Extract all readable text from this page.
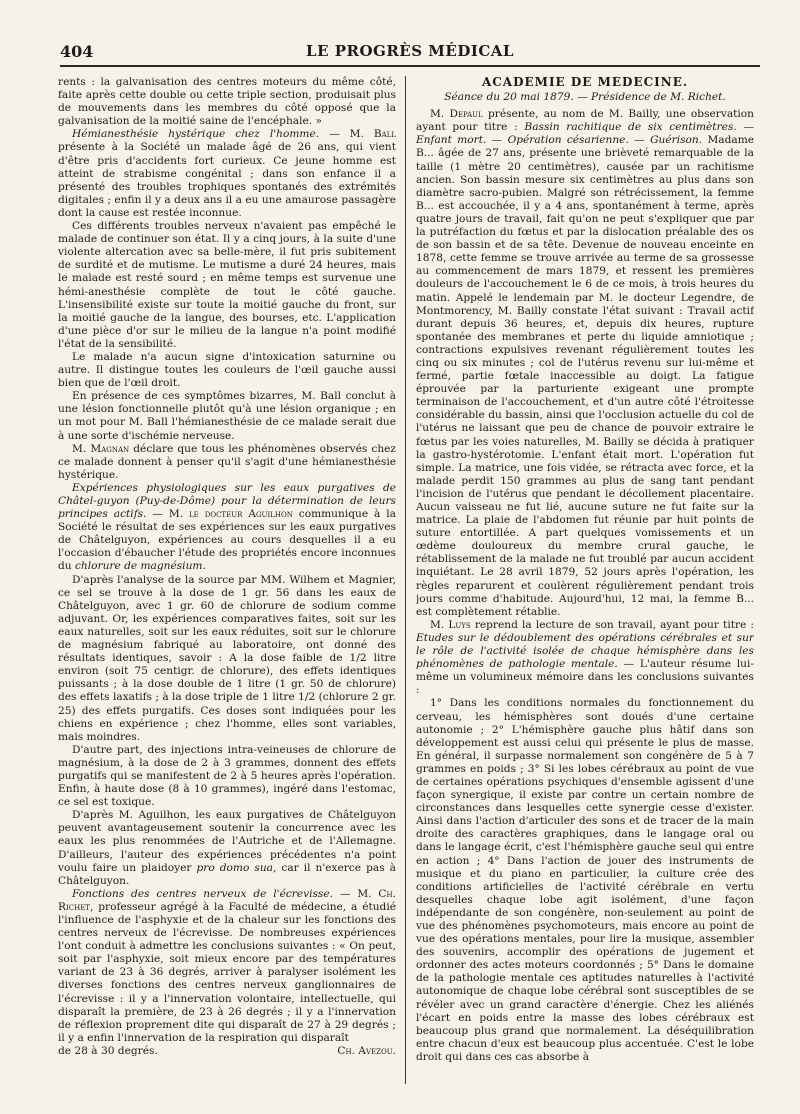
404	LE PROGRÈS MÉDICAL

rents : la galvanisation des centres moteurs du même côté, faite après cette double ou cette triple section, produisait plus de mouvements dans les membres du côté opposé que la galvanisation de la moitié saine de l'encéphale. »

Hémianesthésie hystérique chez l'homme. — M. Ball présente à la Société un malade âgé de 26 ans, qui vient d'être pris d'accidents fort curieux. Ce jeune homme est atteint de strabisme congénital ; dans son enfance il a présenté des troubles trophiques spontanés des extrémités digitales ; enfin il y a deux ans il a eu une amaurose passagère dont la cause est restée inconnue.

Ces différents troubles nerveux n'avaient pas empêché le malade de continuer son état. Il y a cinq jours, à la suite d'une violente altercation avec sa belle-mère, il fut pris subitement de surdité et de mutisme. Le mutisme a duré 24 heures, mais le malade est resté sourd ; en même temps est survenue une hémi-anesthésie complète de tout le côté gauche. L'insensibilité existe sur toute la moitié gauche du front, sur la moitié gauche de la langue, des bourses, etc. L'application d'une pièce d'or sur le milieu de la langue n'a point modifié l'état de la sensibilité.

Le malade n'a aucun signe d'intoxication saturnine ou autre. Il distingue toutes les couleurs de l'œil gauche aussi bien que de l'œil droit.

En présence de ces symptômes bizarres, M. Ball conclut à une lésion fonctionnelle plutôt qu'à une lésion organique ; en un mot pour M. Ball l'hémianesthésie de ce malade serait due à une sorte d'ischémie nerveuse.

M. Magnan déclare que tous les phénomènes observés chez ce malade donnent à penser qu'il s'agit d'une hémianesthésie hystérique.

Expériences physiologiques sur les eaux purgatives de Châtel-guyon (Puy-de-Dôme) pour la détermination de leurs principes actifs. — M. le docteur Aguilhon communique à la Société le résultat de ses expériences sur les eaux purgatives de Châtelguyon, expériences au cours desquelles il a eu l'occasion d'ébaucher l'étude des propriétés encore inconnues du chlorure de magnésium.

D'après l'analyse de la source par MM. Wilhem et Magnier, ce sel se trouve à la dose de 1 gr. 56 dans les eaux de Châtelguyon, avec 1 gr. 60 de chlorure de sodium comme adjuvant. Or, les expériences comparatives faites, soit sur les eaux naturelles, soit sur les eaux réduites, soit sur le chlorure de magnésium fabriqué au laboratoire, ont donné des résultats identiques, savoir : A la dose faible de 1/2 litre environ (soit 75 centigr. de chlorure), des effets identiques puissants ; à la dose double de 1 litre (1 gr. 50 de chlorure) des effets laxatifs ; à la dose triple de 1 litre 1/2 (chlorure 2 gr. 25) des effets purgatifs. Ces doses sont indiquées pour les chiens en expérience ; chez l'homme, elles sont variables, mais moindres.

D'autre part, des injections intra-veineuses de chlorure de magnésium, à la dose de 2 à 3 grammes, donnent des effets purgatifs qui se manifestent de 2 à 5 heures après l'opération. Enfin, à haute dose (8 à 10 grammes), ingéré dans l'estomac, ce sel est toxique.

D'après M. Aguilhon, les eaux purgatives de Châtelguyon peuvent avantageusement soutenir la concurrence avec les eaux les plus renommées de l'Autriche et de l'Allemagne. D'ailleurs, l'auteur des expériences précédentes n'a point voulu faire un plaidoyer pro domo sua, car il n'exerce pas à Châtelguyon.

Fonctions des centres nerveux de l'écrevisse. — M. Ch. Richet, professeur agrégé à la Faculté de médecine, a étudié l'influence de l'asphyxie et de la chaleur sur les fonctions des centres nerveux de l'écrevisse. De nombreuses expériences l'ont conduit à admettre les conclusions suivantes : « On peut, soit par l'asphyxie, soit mieux encore par des températures variant de 23 à 36 degrés, arriver à paralyser isolément les diverses fonctions des centres nerveux ganglionnaires de l'écrevisse : il y a l'innervation volontaire, intellectuelle, qui disparaît la première, de 23 à 26 degrés ; il y a l'innervation de réflexion proprement dite qui disparaît de 27 à 29 degrés ; il y a enfin l'innervation de la respiration qui disparaît

de 28 à 30 degrés.	Ch. Avezou.
ACADÉMIE DE MÉDECINE.
Séance du 20 mai 1879. — Présidence de M. Richet.

M. Depaul présente, au nom de M. Bailly, une observation ayant pour titre : Bassin rachitique de six centimètres. — Enfant mort. — Opération césarienne. — Guérison. Madame B... âgée de 27 ans, présente une brièveté remarquable de la taille (1 mètre 20 centimètres), causée par un rachitisme ancien. Son bassin mesure six centimètres au plus dans son diamètre sacro-pubien. Malgré son rétrécissement, la femme B... est accouchée, il y a 4 ans, spontanément à terme, après quatre jours de travail, fait qu'on ne peut s'expliquer que par la putréfaction du fœtus et par la dislocation préalable des os de son bassin et de sa tête. Devenue de nouveau enceinte en 1878, cette femme se trouve arrivée au terme de sa grossesse au commencement de mars 1879, et ressent les premières douleurs de l'accouchement le 6 de ce mois, à trois heures du matin. Appelé le lendemain par M. le docteur Legendre, de Montmorency, M. Bailly constate l'état suivant : Travail actif durant depuis 36 heures, et, depuis dix heures, rupture spontanée des membranes et perte du liquide amniotique ; contractions expulsives revenant régulièrement toutes les cinq ou six minutes ; col de l'utérus revenu sur lui-même et fermé, partie fœtale inaccessible au doigt. La fatigue éprouvée par la parturiente exigeant une prompte terminaison de l'accouchement, et d'un autre côté l'étroitesse considérable du bassin, ainsi que l'occlusion actuelle du col de l'utérus ne laissant que peu de chance de pouvoir extraire le fœtus par les voies naturelles, M. Bailly se décida à pratiquer la gastro-hystérotomie. L'enfant était mort. L'opération fut simple. La matrice, une fois vidée, se rétracta avec force, et la malade perdit 150 grammes au plus de sang tant pendant l'incision de l'utérus que pendant le décollement placentaire. Aucun vaisseau ne fut lié, aucune suture ne fut faite sur la matrice. La plaie de l'abdomen fut réunie par huit points de suture entortillée. A part quelques vomissements et un œdème douloureux du membre crural gauche, le rétablissement de la malade ne fut troublé par aucun accident inquiétant. Le 28 avril 1879, 52 jours après l'opération, les règles reparurent et coulèrent régulièrement pendant trois jours comme d'habitude. Aujourd'hui, 12 mai, la femme B... est complètement rétablie.

M. Luys reprend la lecture de son travail, ayant pour titre : Etudes sur le dédoublement des opérations cérébrales et sur le rôle de l'activité isolée de chaque hémisphère dans les phénomènes de pathologie mentale. — L'auteur résume lui-même un volumineux mémoire dans les conclusions suivantes :

1° Dans les conditions normales du fonctionnement du cerveau, les hémisphères sont doués d'une certaine autonomie ; 2° L'hémisphère gauche plus hâtif dans son développement est aussi celui qui présente le plus de masse. En général, il surpasse normalement son congénère de 5 à 7 grammes en poids ; 3° Si les lobes cérébraux au point de vue de certaines opérations psychiques d'ensemble agissent d'une façon synergique, il existe par contre un certain nombre de circonstances dans lesquelles cette synergie cesse d'exister. Ainsi dans l'action d'articuler des sons et de tracer de la main droite des caractères graphiques, dans le langage oral ou dans le langage écrit, c'est l'hémisphère gauche seul qui entre en action ; 4° Dans l'action de jouer des instruments de musique et du piano en particulier, la culture crée des conditions artificielles de l'activité cérébrale en vertu desquelles chaque lobe agit isolément, d'une façon indépendante de son congénère, non-seulement au point de vue des phénomènes psychomoteurs, mais encore au point de vue des opérations mentales, pour lire la musique, assembler des souvenirs, accomplir des opérations de jugement et ordonner des actes moteurs coordonnés ; 5° Dans le domaine de la pathologie mentale ces aptitudes naturelles à l'activité autonomique de chaque lobe cérébral sont susceptibles de se révéler avec un grand caractère d'énergie. Chez les aliénés l'écart en poids entre la masse des lobes cérébraux est beaucoup plus grand que normalement. La déséquilibration entre chacun d'eux est beaucoup plus accentuée. C'est le lobe droit qui dans ces cas absorbe à
